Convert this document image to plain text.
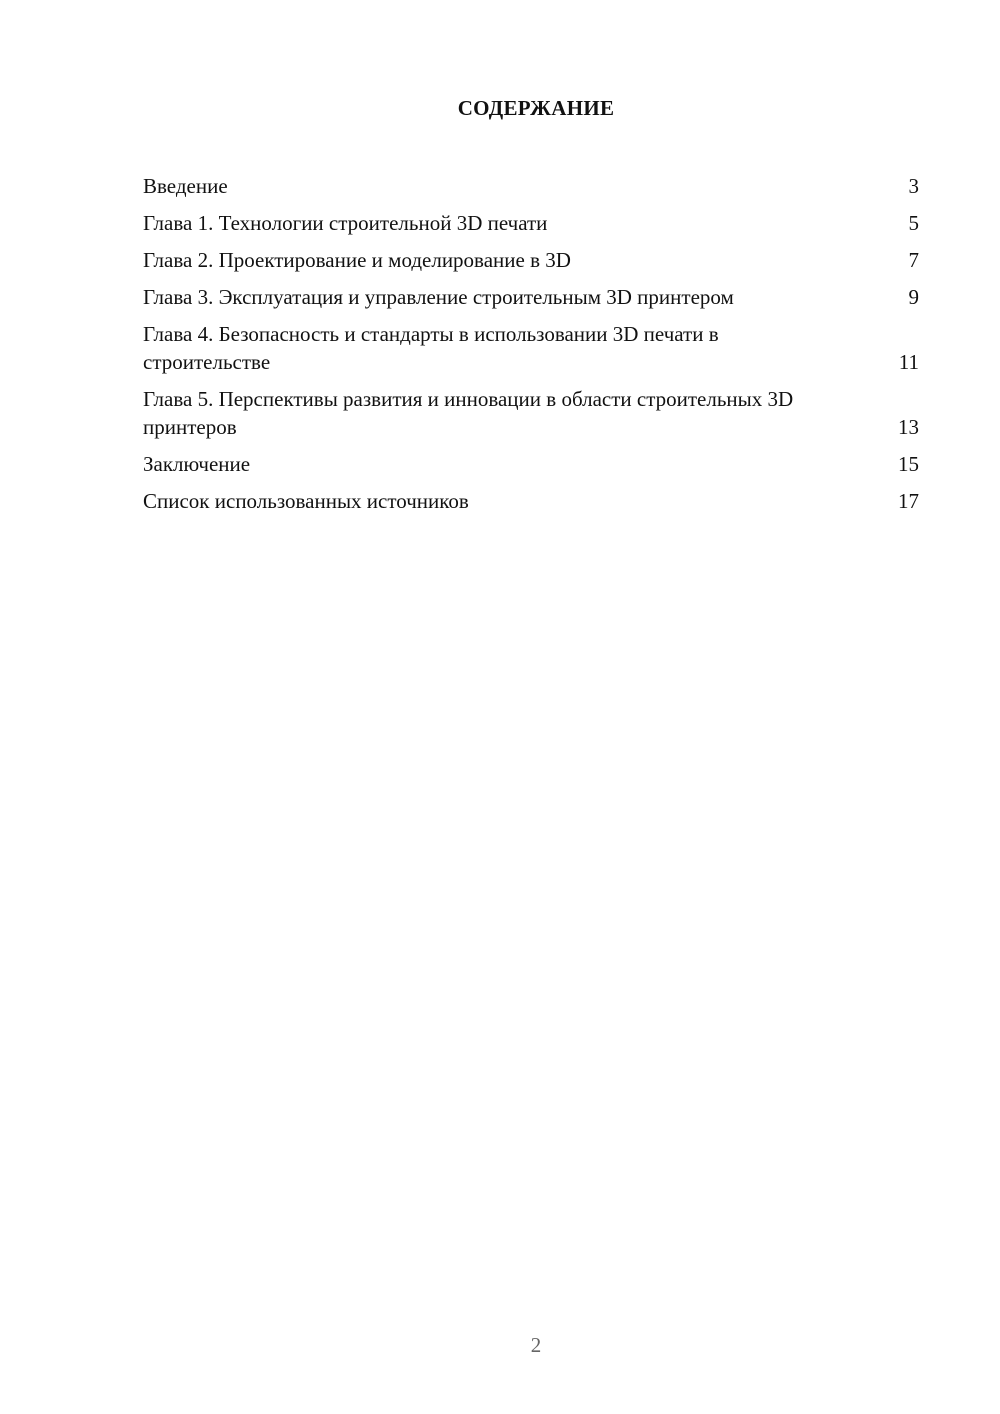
СОДЕРЖАНИЕ
Введение	3
Глава 1. Технологии строительной 3D печати	5
Глава 2. Проектирование и моделирование в 3D	7
Глава 3. Эксплуатация и управление строительным 3D принтером	9
Глава 4. Безопасность и стандарты в использовании 3D печати в строительстве	11
Глава 5. Перспективы развития и инновации в области строительных 3D принтеров	13
Заключение	15
Список использованных источников	17
2
